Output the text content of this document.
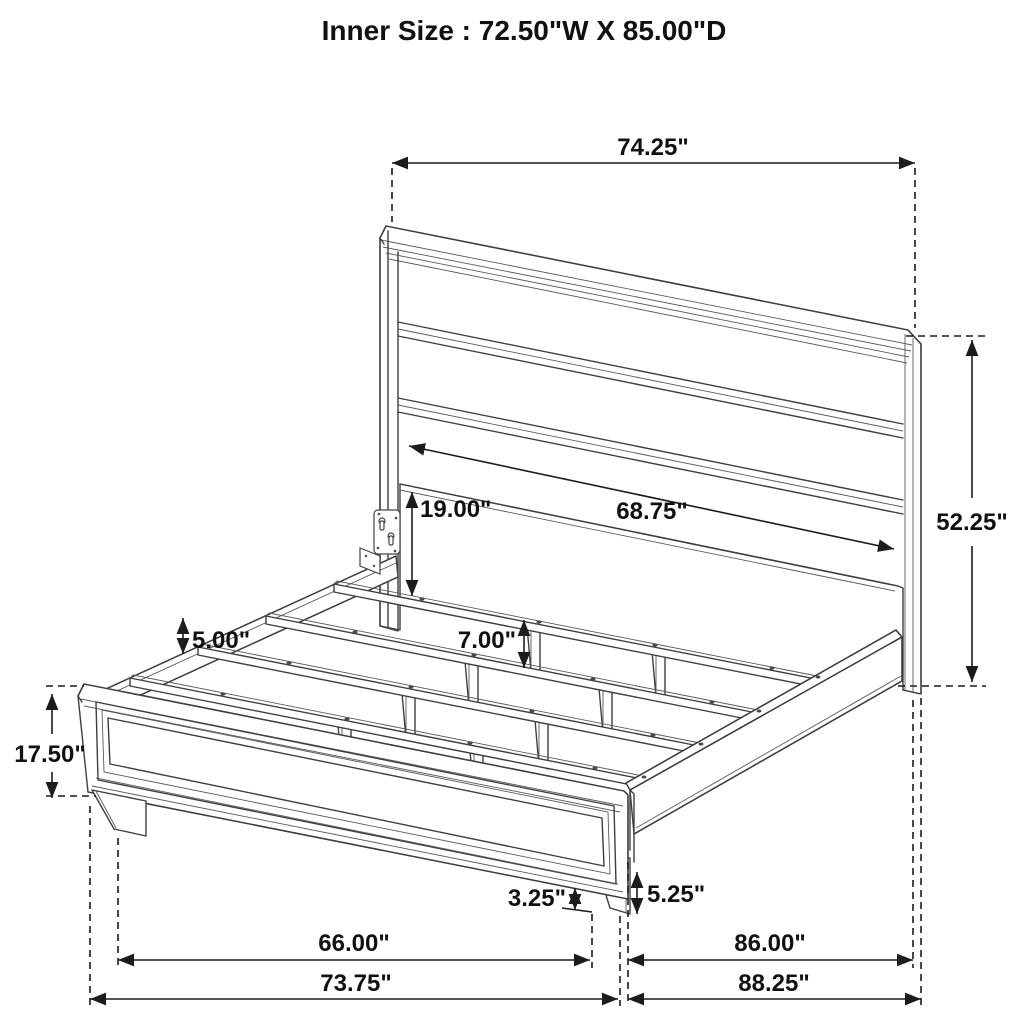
Inner Size : 72.50"W X 85.00"D
74.25"
68.75"
19.00"	52.25"
5.00"	7.00"
17.50"
3.25"	5.25"
66.00"	86.00"
73.75"	88.25"
